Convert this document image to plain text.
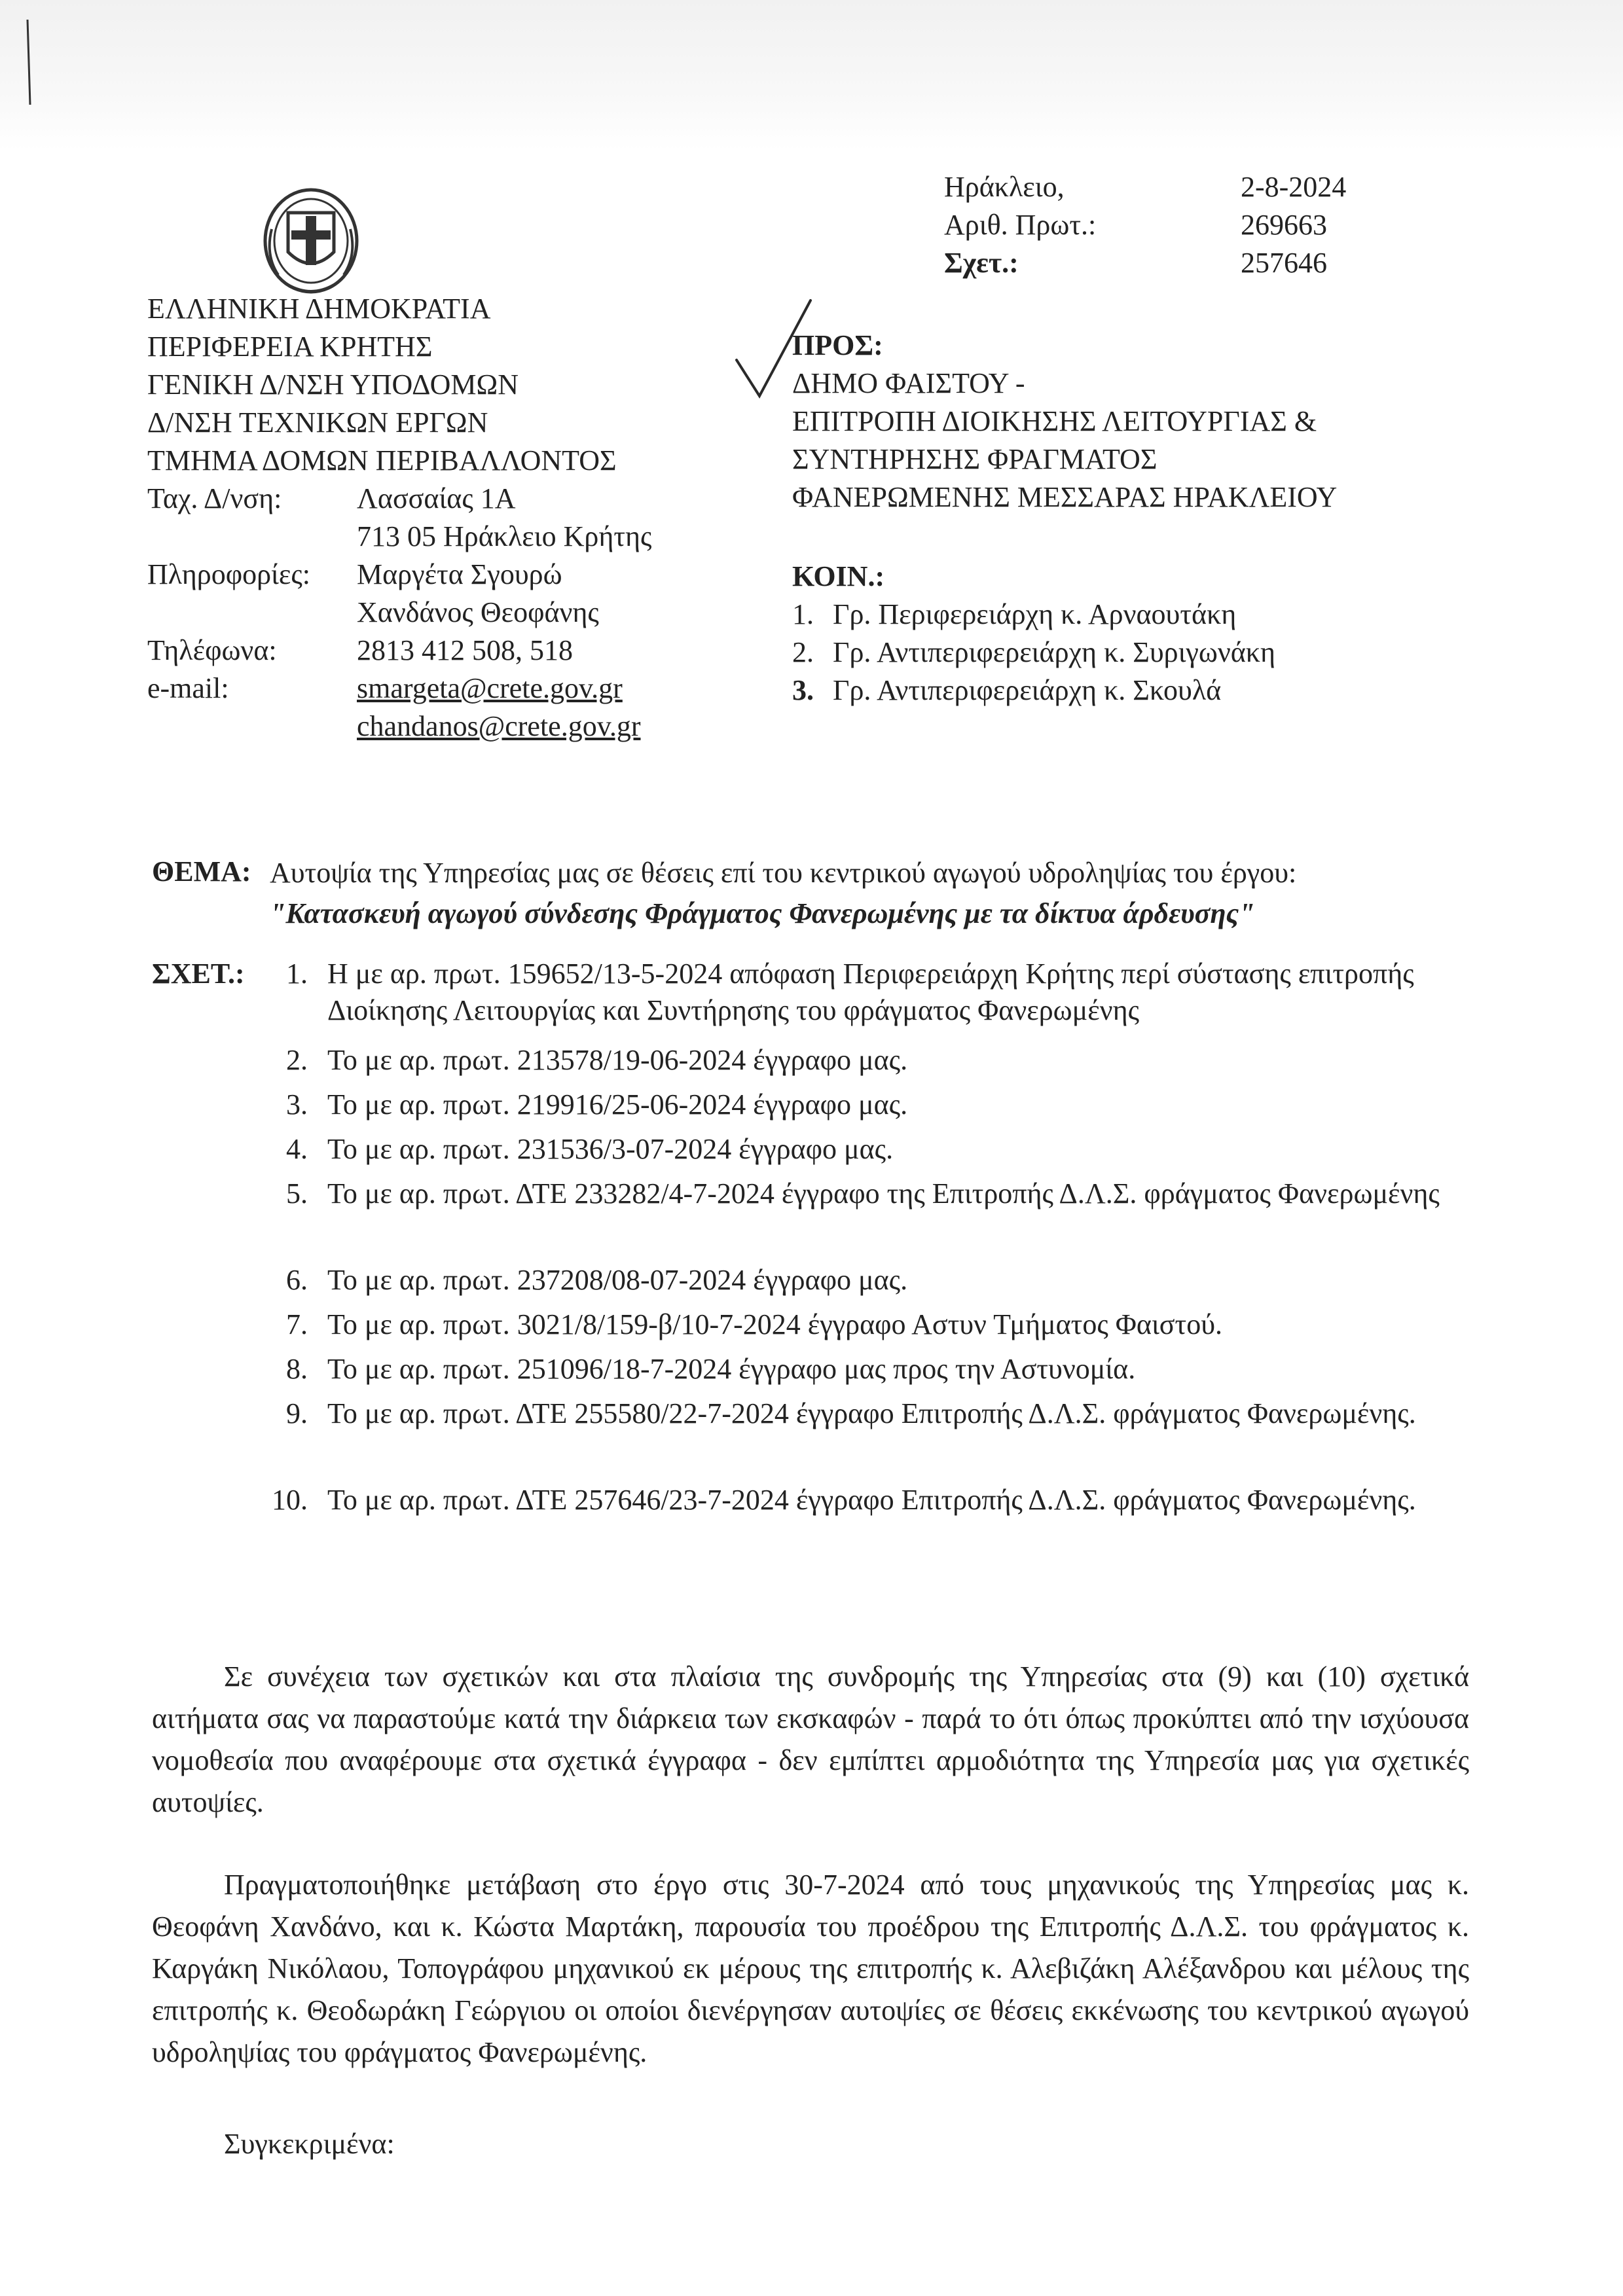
Ηράκλειο,	2-8-2024
Αριθ. Πρωτ.:	269663
Σχετ.:	257646
ΕΛΛΗΝΙΚΗ ΔΗΜΟΚΡΑΤΙΑ
ΠΕΡΙΦΕΡΕΙΑ ΚΡΗΤΗΣ
ΓΕΝΙΚΗ Δ/ΝΣΗ ΥΠΟΔΟΜΩΝ
Δ/ΝΣΗ ΤΕΧΝΙΚΩΝ ΕΡΓΩΝ
ΤΜΗΜΑ ΔΟΜΩΝ ΠΕΡΙΒΑΛΛΟΝΤΟΣ
Ταχ. Δ/νση:	Λασσαίας 1Α
713 05 Ηράκλειο Κρήτης
Πληροφορίες: Μαργέτα Σγουρώ
Χανδάνος Θεοφάνης
Τηλέφωνα:	2813 412 508, 518
e-mail:	smargeta@crete.gov.gr
chandanos@crete.gov.gr
ΠΡΟΣ:
ΔΗΜΟ ΦΑΙΣΤΟΥ -
ΕΠΙΤΡΟΠΗ ΔΙΟΙΚΗΣΗΣ ΛΕΙΤΟΥΡΓΙΑΣ &
ΣΥΝΤΗΡΗΣΗΣ ΦΡΑΓΜΑΤΟΣ
ΦΑΝΕΡΩΜΕΝΗΣ ΜΕΣΣΑΡΑΣ ΗΡΑΚΛΕΙΟΥ
ΚΟΙΝ.:
1. Γρ. Περιφερειάρχη κ. Αρναουτάκη
2. Γρ. Αντιπεριφερειάρχη κ. Συριγωνάκη
3. Γρ. Αντιπεριφερειάρχη κ. Σκουλά
ΘΕΜΑ: Αυτοψία της Υπηρεσίας μας σε θέσεις επί του κεντρικού αγωγού υδροληψίας του έργου:
"Κατασκευή αγωγού σύνδεσης Φράγματος Φανερωμένης με τα δίκτυα άρδευσης"
ΣΧΕΤ.:	1. Η με αρ. πρωτ. 159652/13-5-2024 απόφαση Περιφερειάρχη Κρήτης περί σύστασης επιτροπής Διοίκησης Λειτουργίας και Συντήρησης του φράγματος Φανερωμένης
2. Το με αρ. πρωτ. 213578/19-06-2024 έγγραφο μας.
3. Το με αρ. πρωτ. 219916/25-06-2024 έγγραφο μας.
4. Το με αρ. πρωτ. 231536/3-07-2024 έγγραφο μας.
5. Το με αρ. πρωτ. ΔΤΕ 233282/4-7-2024 έγγραφο της Επιτροπής Δ.Λ.Σ. φράγματος Φανερωμένης
6. Το με αρ. πρωτ. 237208/08-07-2024 έγγραφο μας.
7. Το με αρ. πρωτ. 3021/8/159-β/10-7-2024 έγγραφο Αστυν Τμήματος Φαιστού.
8. Το με αρ. πρωτ. 251096/18-7-2024 έγγραφο μας προς την Αστυνομία.
9. Το με αρ. πρωτ. ΔΤΕ 255580/22-7-2024 έγγραφο Επιτροπής Δ.Λ.Σ. φράγματος Φανερωμένης.
10. Το με αρ. πρωτ. ΔΤΕ 257646/23-7-2024 έγγραφο Επιτροπής Δ.Λ.Σ. φράγματος Φανερωμένης.
Σε συνέχεια των σχετικών και στα πλαίσια της συνδρομής της Υπηρεσίας στα (9) και (10) σχετικά αιτήματα σας να παραστούμε κατά την διάρκεια των εκσκαφών - παρά το ότι όπως προκύπτει από την ισχύουσα νομοθεσία που αναφέρουμε στα σχετικά έγγραφα - δεν εμπίπτει αρμοδιότητα της Υπηρεσία μας για σχετικές αυτοψίες.
Πραγματοποιήθηκε μετάβαση στο έργο στις 30-7-2024 από τους μηχανικούς της Υπηρεσίας μας κ. Θεοφάνη Χανδάνο, και κ. Κώστα Μαρτάκη, παρουσία του προέδρου της Επιτροπής Δ.Λ.Σ. του φράγματος κ. Καργάκη Νικόλαου, Τοπογράφου μηχανικού εκ μέρους της επιτροπής κ. Αλεβιζάκη Αλέξανδρου και μέλους της επιτροπής κ. Θεοδωράκη Γεώργιου οι οποίοι διενέργησαν αυτοψίες σε θέσεις εκκένωσης του κεντρικού αγωγού υδροληψίας του φράγματος Φανερωμένης.
Συγκεκριμένα:
